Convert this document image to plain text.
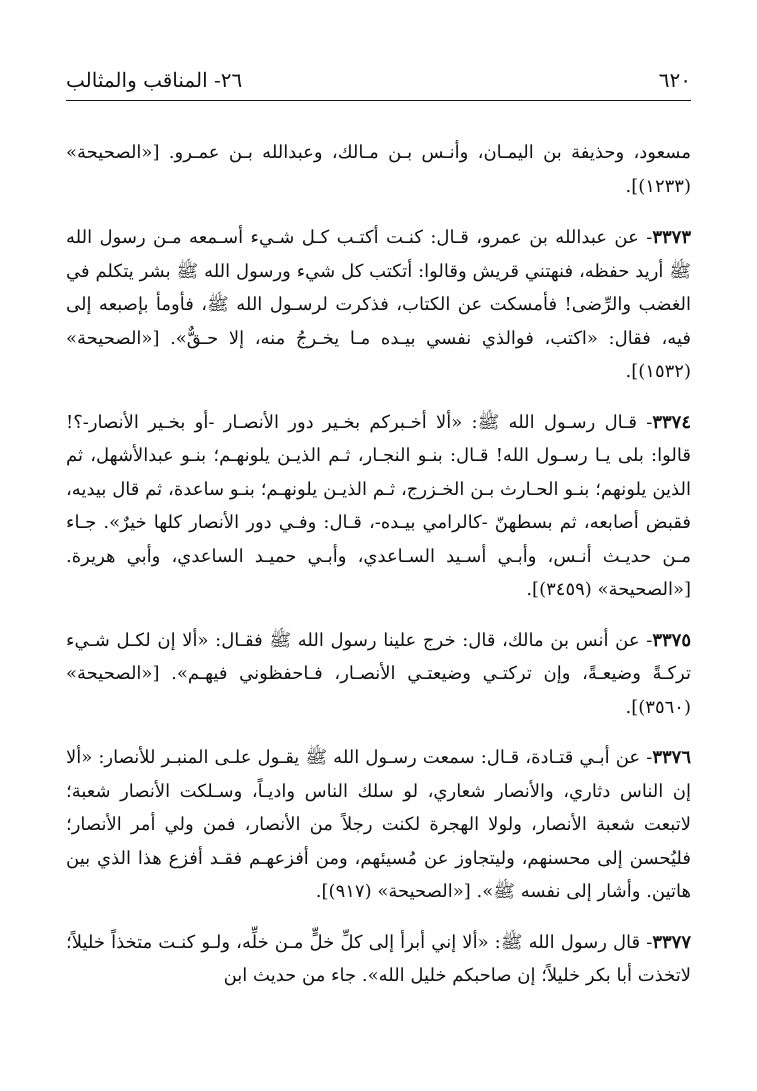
٦٢٠
٢٦- المناقب والمثالب

مسعود، وحذيفة بن اليمـان، وأنـس بـن مـالك، وعبدالله بـن عمـرو. [«الصحيحة» (١٢٣٣)].

٣٣٧٣- عن عبدالله بن عمرو، قـال: كنـت أكتـب كـل شـيء أسـمعه مـن رسول الله ﷺ أريد حفظه، فنهتني قريش وقالوا: أتكتب كل شيء ورسول الله ﷺ بشر يتكلم في الغضب والرِّضى! فأمسكت عن الكتاب، فذكرت لرسـول الله ﷺ، فأومأ بإصبعه إلى فيه، فقال: «اكتب، فوالذي نفسي بيـده مـا يخـرجُ منه، إلا حـقٌّ». [«الصحيحة» (١٥٣٢)].

٣٣٧٤- قـال رسـول الله ﷺ: «ألا أخـبركم بخـير دور الأنصـار -أو بخـير الأنصار-؟! قالوا: بلى يـا رسـول الله! قـال: بنـو النجـار، ثـم الذيـن يلونهـم؛ بنـو عبدالأشهل، ثم الذين يلونهم؛ بنـو الحـارث بـن الخـزرج، ثـم الذيـن يلونهـم؛ بنـو ساعدة، ثم قال بيديه، فقبض أصابعه، ثم بسطهنّ -كالرامي بيـده-، قـال: وفـي دور الأنصار كلها خيرٌ». جـاء مـن حديـث أنـس، وأبـي أسـيد السـاعدي، وأبـي حميـد الساعدي، وأبي هريرة. [«الصحيحة» (٣٤٥٩)].

٣٣٧٥- عن أنس بن مالك، قال: خرج علينا رسول الله ﷺ فقـال: «ألا إن لكـل شـيء تركـةً وضيعـةً، وإن تركتـي وضيعتـي الأنصـار، فـاحفظوني فيهـم». [«الصحيحة» (٣٥٦٠)].

٣٣٧٦- عن أبـي قتـادة، قـال: سمعت رسـول الله ﷺ يقـول علـى المنبـر للأنصار: «ألا إن الناس دثاري، والأنصار شعاري، لو سلك الناس واديـاً، وسـلكت الأنصار شعبة؛ لاتبعت شعبة الأنصار، ولولا الهجرة لكنت رجلاً من الأنصار، فمن ولي أمر الأنصار؛ فليُحسن إلى محسنهم، وليتجاوز عن مُسيئهم، ومن أفزعهـم فقـد أفزع هذا الذي بين هاتين. وأشار إلى نفسه ﷺ». [«الصحيحة» (٩١٧)].

٣٣٧٧- قال رسول الله ﷺ: «ألا إني أبرأ إلى كلِّ خلٍّ مـن خلِّه، ولـو كنـت متخذاً خليلاً؛ لاتخذت أبا بكر خليلاً؛ إن صاحبكم خليل الله». جاء من حديث ابن
